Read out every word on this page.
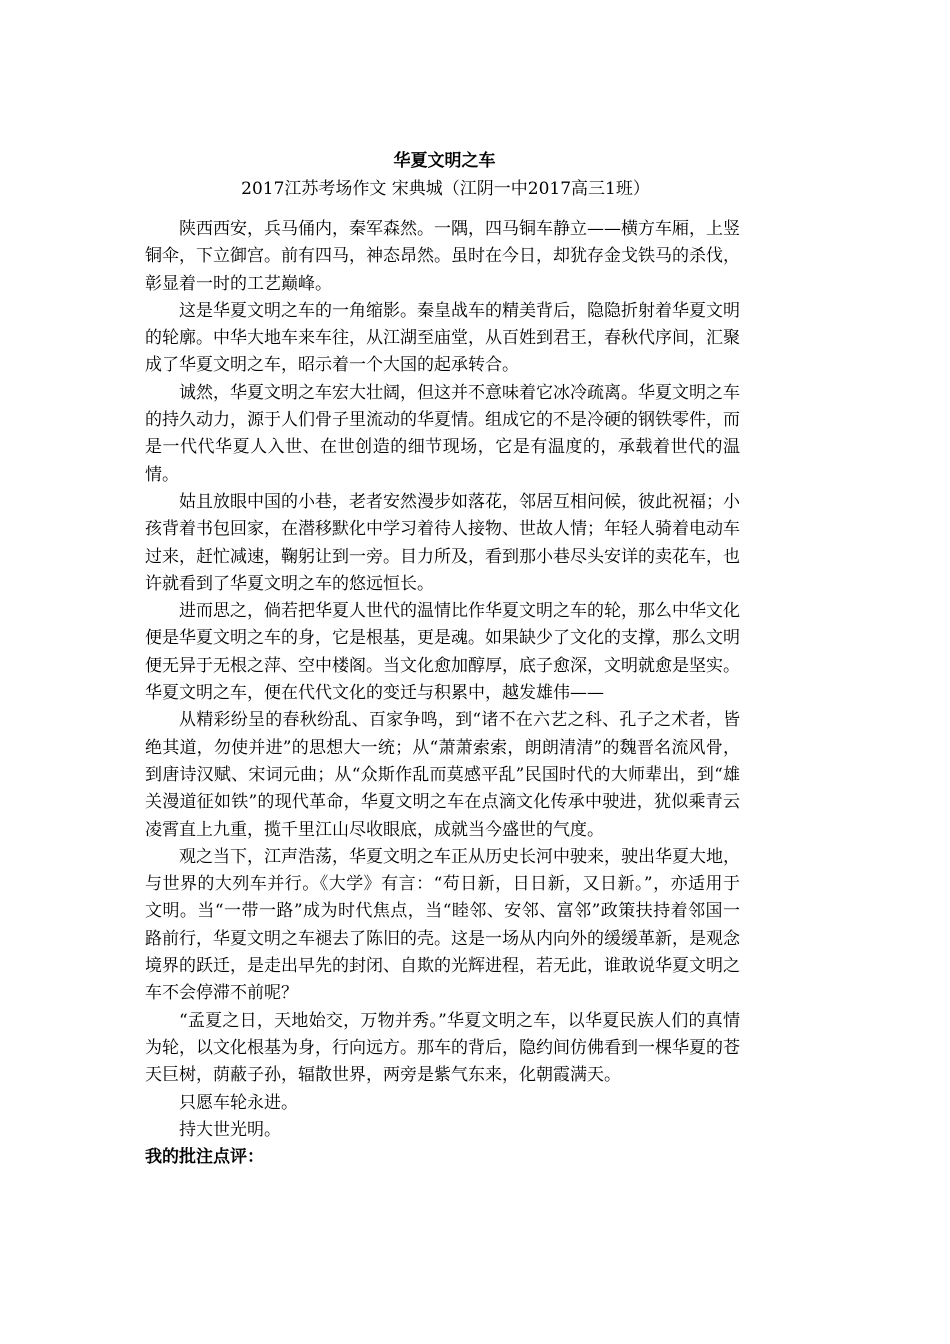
华夏文明之车
2017江苏考场作文 宋典城（江阴一中2017高三1班）

陕西西安，兵马俑内，秦军森然。一隅，四马铜车静立——横方车厢，上竖铜伞，下立御宫。前有四马，神态昂然。虽时在今日，却犹存金戈铁马的杀伐，彰显着一时的工艺巅峰。

这是华夏文明之车的一角缩影。秦皇战车的精美背后，隐隐折射着华夏文明的轮廓。中华大地车来车往，从江湖至庙堂，从百姓到君王，春秋代序间，汇聚成了华夏文明之车，昭示着一个大国的起承转合。

诚然，华夏文明之车宏大壮阔，但这并不意味着它冰冷疏离。华夏文明之车的持久动力，源于人们骨子里流动的华夏情。组成它的不是冷硬的钢铁零件，而是一代代华夏人入世、在世创造的细节现场，它是有温度的，承载着世代的温情。

姑且放眼中国的小巷，老者安然漫步如落花，邻居互相问候，彼此祝福；小孩背着书包回家，在潜移默化中学习着待人接物、世故人情；年轻人骑着电动车过来，赶忙减速，鞠躬让到一旁。目力所及，看到那小巷尽头安详的卖花车，也许就看到了华夏文明之车的悠远恒长。

进而思之，倘若把华夏人世代的温情比作华夏文明之车的轮，那么中华文化便是华夏文明之车的身，它是根基，更是魂。如果缺少了文化的支撑，那么文明便无异于无根之萍、空中楼阁。当文化愈加醇厚，底子愈深，文明就愈是坚实。华夏文明之车，便在代代文化的变迁与积累中，越发雄伟——

从精彩纷呈的春秋纷乱、百家争鸣，到“诸不在六艺之科、孔子之术者，皆绝其道，勿使并进”的思想大一统；从“萧萧索索，朗朗清清”的魏晋名流风骨，到唐诗汉赋、宋词元曲；从“众斯作乱而莫感平乱”民国时代的大师辈出，到“雄关漫道征如铁”的现代革命，华夏文明之车在点滴文化传承中驶进，犹似乘青云凌霄直上九重，揽千里江山尽收眼底，成就当今盛世的气度。

观之当下，江声浩荡，华夏文明之车正从历史长河中驶来，驶出华夏大地，与世界的大列车并行。《大学》有言：“苟日新，日日新，又日新。”，亦适用于文明。当“一带一路”成为时代焦点，当“睦邻、安邻、富邻”政策扶持着邻国一路前行，华夏文明之车褪去了陈旧的壳。这是一场从内向外的缓缓革新，是观念境界的跃迁，是走出早先的封闭、自欺的光辉进程，若无此，谁敢说华夏文明之车不会停滞不前呢？

“孟夏之日，天地始交，万物并秀。”华夏文明之车，以华夏民族人们的真情为轮，以文化根基为身，行向远方。那车的背后，隐约间仿佛看到一棵华夏的苍天巨树，荫蔽子孙，辐散世界，两旁是紫气东来，化朝霞满天。

只愿车轮永进。

持大世光明。

我的批注点评：
